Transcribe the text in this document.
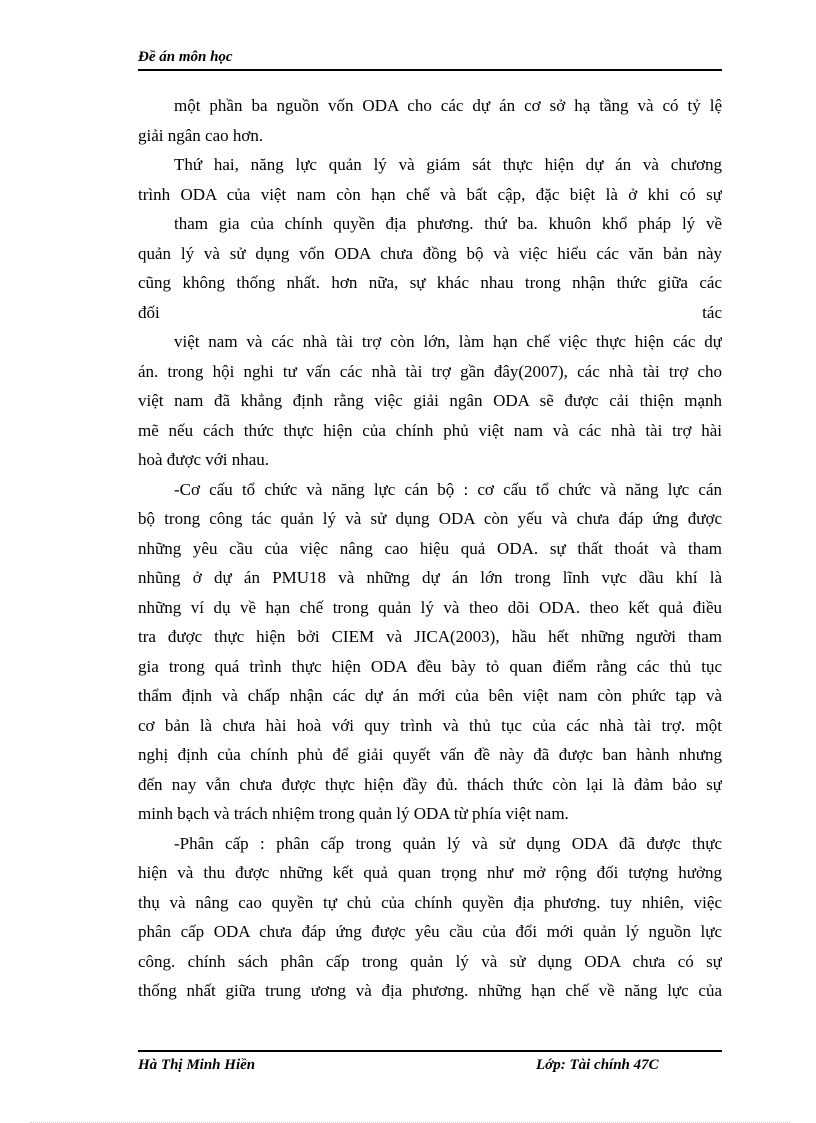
Đề án môn học
một phần ba nguồn vốn ODA cho các dự án cơ sở hạ tầng và có tỷ lệ
giải ngân cao hơn.
Thứ hai, năng lực quản lý và giám sát thực hiện dự án và chương
trình ODA của việt nam còn hạn chế và bất cập, đặc biệt là ở khi có sự
tham gia của chính quyền địa phương. thứ ba. khuôn khổ pháp lý về
quản lý và sử dụng vốn ODA chưa đồng bộ và việc hiểu các văn bản này
cũng không thống nhất. hơn nữa, sự khác nhau trong nhận thức giữa các
đối tác
việt nam và các nhà tài trợ còn lớn, làm hạn chế việc thực hiện các dự
án. trong hội nghi tư vấn các nhà tài trợ gần đây(2007), các nhà tài trợ cho
việt nam đã khẳng định rằng việc giải ngân ODA sẽ được cải thiện mạnh
mẽ nếu cách thức thực hiện của chính phủ việt nam và các nhà tài trợ hài
hoà được với nhau.
-Cơ cấu tổ chức và năng lực cán bộ : cơ cấu tổ chức và năng lực cán
bộ trong công tác quản lý và sử dụng ODA còn yếu và chưa đáp ứng được
những yêu cầu của việc nâng cao hiệu quả ODA. sự thất thoát và tham
nhũng ở dự án PMU18 và những dự án lớn trong lĩnh vực dầu khí là
những ví dụ về hạn chế trong quản lý và theo dõi ODA. theo kết quả điều
tra được thực hiện bởi CIEM và JICA(2003), hầu hết những người tham
gia trong quá trình thực hiện ODA đều bày tỏ quan điểm rằng các thủ tục
thẩm định và chấp nhận các dự án mới của bên việt nam còn phức tạp và
cơ bản là chưa hài hoà với quy trình và thủ tục của các nhà tài trợ. một
nghị định của chính phủ để giải quyết vấn đề này đã được ban hành nhưng
đến nay vẫn chưa được thực hiện đầy đủ. thách thức còn lại là đảm bảo sự
minh bạch và trách nhiệm trong quản lý ODA từ phía việt nam.
-Phân cấp : phân cấp trong quản lý và sử dụng ODA đã được thực
hiện và thu được những kết quả quan trọng như mở rộng đối tượng hưởng
thụ và nâng cao quyền tự chủ của chính quyền địa phương. tuy nhiên, việc
phân cấp ODA chưa đáp ứng được yêu cầu của đổi mới quản lý nguồn lực
công. chính sách phân cấp trong quản lý và sử dụng ODA chưa có sự
thống nhất giữa trung ương và địa phương. những hạn chế về năng lực của
Hà Thị Minh Hiền	Lớp: Tài chính 47C
